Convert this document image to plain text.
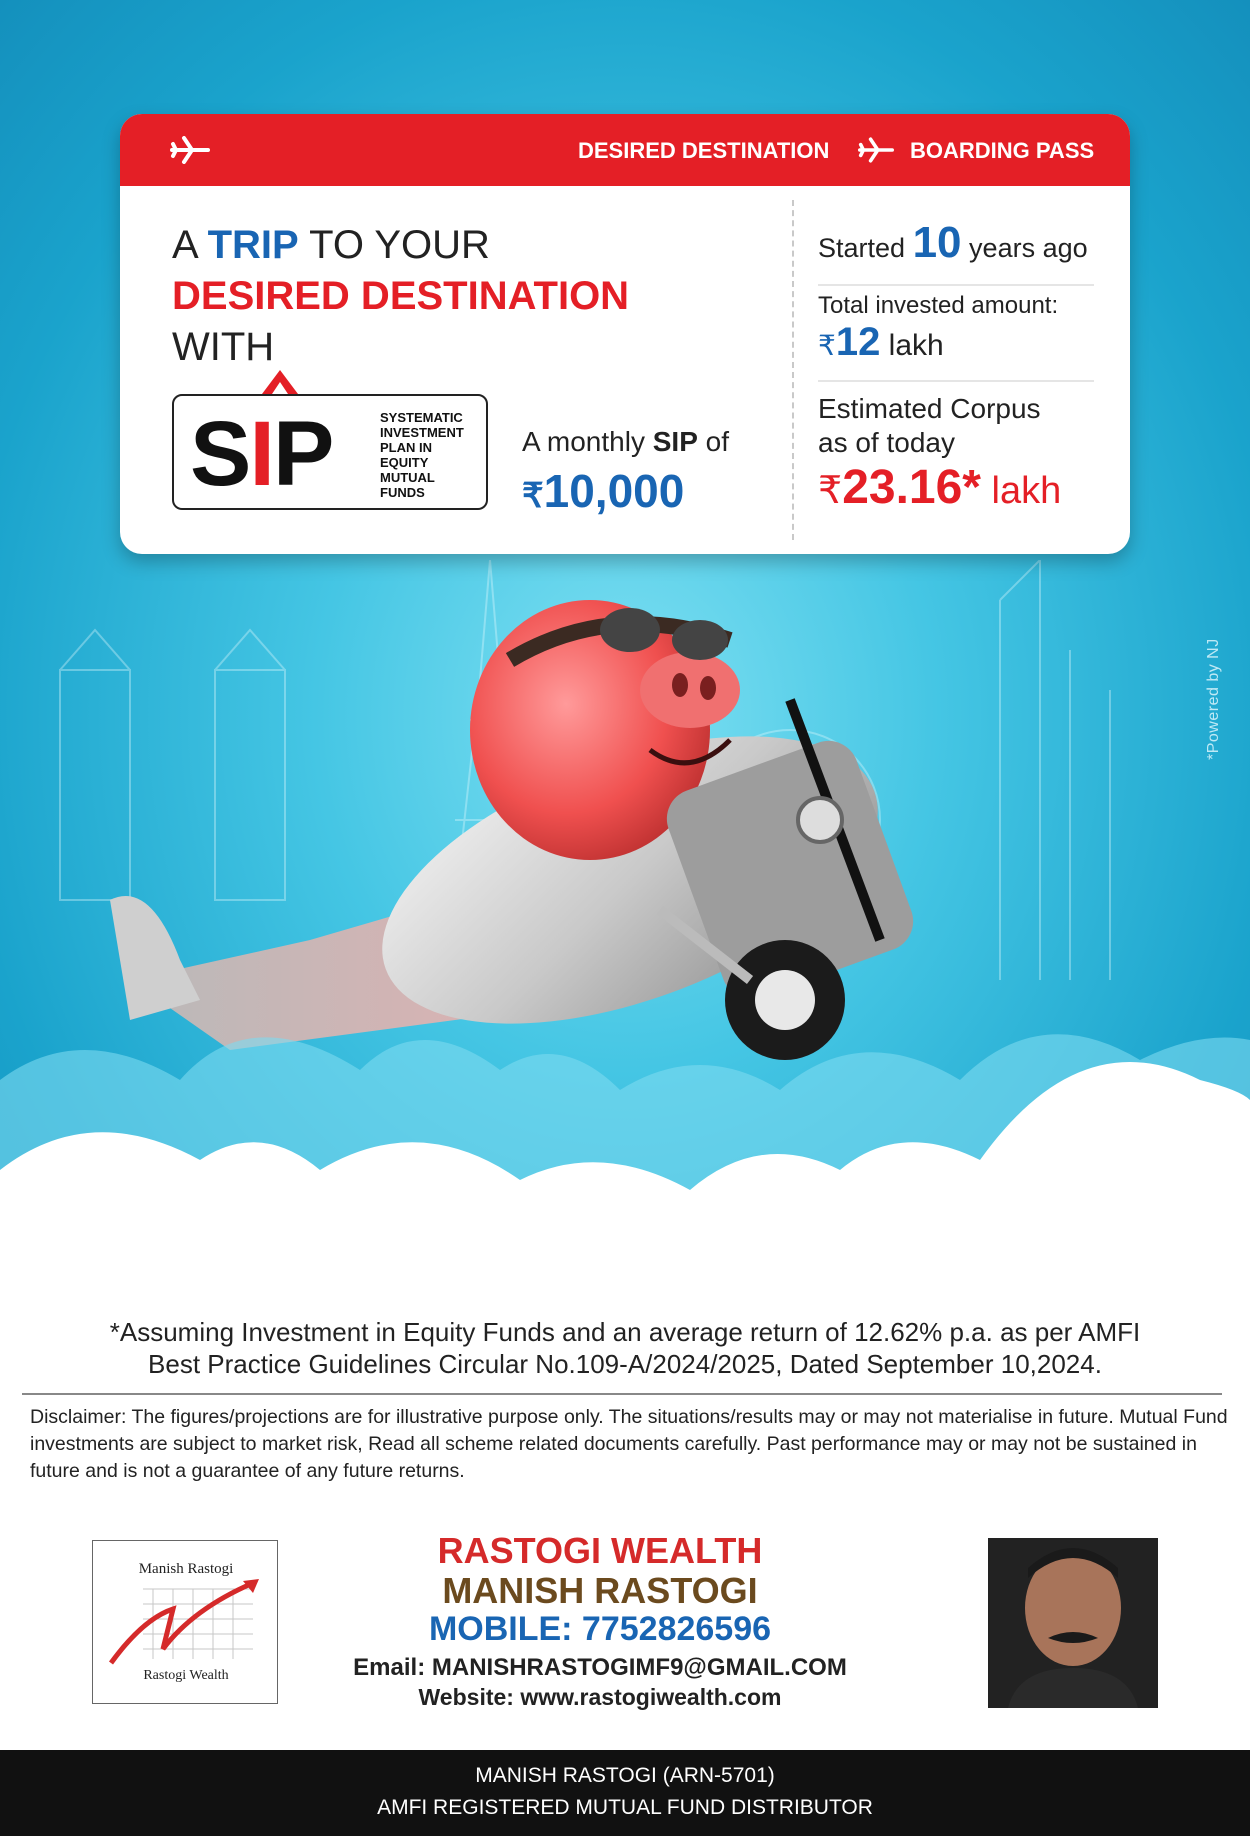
DESIRED DESTINATION	BOARDING PASS
A TRIP TO YOUR
DESIRED DESTINATION
WITH
SIP	SYSTEMATIC
INVESTMENT
PLAN IN
EQUITY
MUTUAL
FUNDS
A monthly SIP of
₹10,000
Started 10 years ago
Total invested amount:
₹12 lakh
Estimated Corpus
as of today
₹23.16* lakh
*Powered by NJ
*Assuming Investment in Equity Funds and an average return of 12.62% p.a. as per AMFI
Best Practice Guidelines Circular No.109-A/2024/2025, Dated September 10,2024.
Disclaimer: The figures/projections are for illustrative purpose only. The situations/results may or may not materialise in future. Mutual Fund investments are subject to market risk, Read all scheme related documents carefully. Past performance may or may not be sustained in future and is not a guarantee of any future returns.
Manish Rastogi
Rastogi Wealth
RASTOGI WEALTH
MANISH RASTOGI
MOBILE: 7752826596
Email: MANISHRASTOGIMF9@GMAIL.COM
Website: www.rastogiwealth.com
MANISH RASTOGI (ARN-5701)
AMFI REGISTERED MUTUAL FUND DISTRIBUTOR
